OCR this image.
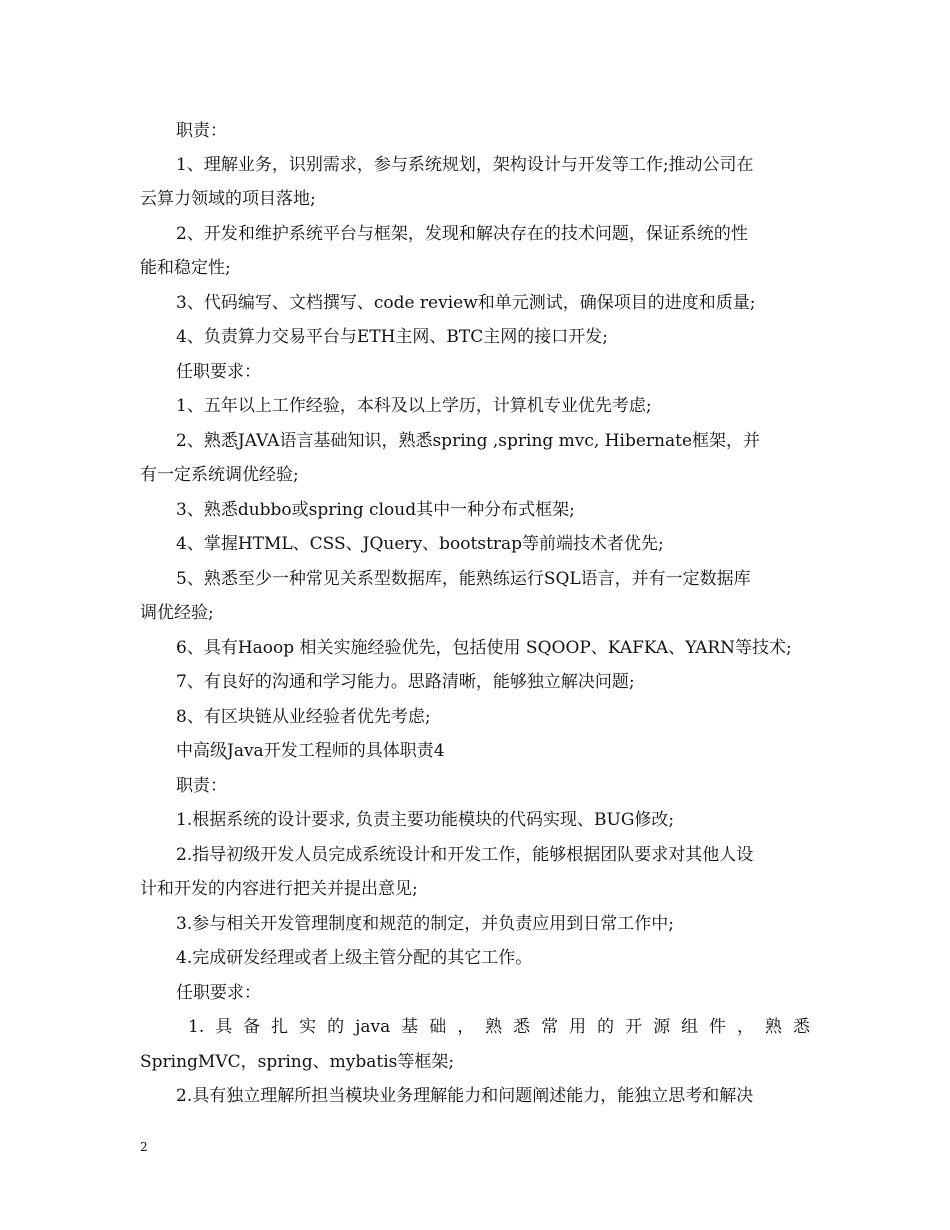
职责：
1、理解业务，识别需求，参与系统规划，架构设计与开发等工作;推动公司在
云算力领域的项目落地;
2、开发和维护系统平台与框架，发现和解决存在的技术问题，保证系统的性
能和稳定性;
3、代码编写、文档撰写、code review和单元测试，确保项目的进度和质量;
4、负责算力交易平台与ETH主网、BTC主网的接口开发;
任职要求：
1、五年以上工作经验，本科及以上学历，计算机专业优先考虑;
2、熟悉JAVA语言基础知识，熟悉spring ,spring mvc, Hibernate框架，并
有一定系统调优经验;
3、熟悉dubbo或spring cloud其中一种分布式框架;
4、掌握HTML、CSS、JQuery、bootstrap等前端技术者优先;
5、熟悉至少一种常见关系型数据库，能熟练运行SQL语言，并有一定数据库
调优经验;
6、具有Haoop 相关实施经验优先，包括使用 SQOOP、KAFKA、YARN等技术;
7、有良好的沟通和学习能力。思路清晰，能够独立解决问题;
8、有区块链从业经验者优先考虑;
中高级Java开发工程师的具体职责4
职责：
1.根据系统的设计要求, 负责主要功能模块的代码实现、BUG修改;
2.指导初级开发人员完成系统设计和开发工作，能够根据团队要求对其他人设
计和开发的内容进行把关并提出意见;
3.参与相关开发管理制度和规范的制定，并负责应用到日常工作中;
4.完成研发经理或者上级主管分配的其它工作。
任职要求：
1.具备扎实的java基础，熟悉常用的开源组件，熟悉
SpringMVC，spring、mybatis等框架;
2.具有独立理解所担当模块业务理解能力和问题阐述能力，能独立思考和解决
2
